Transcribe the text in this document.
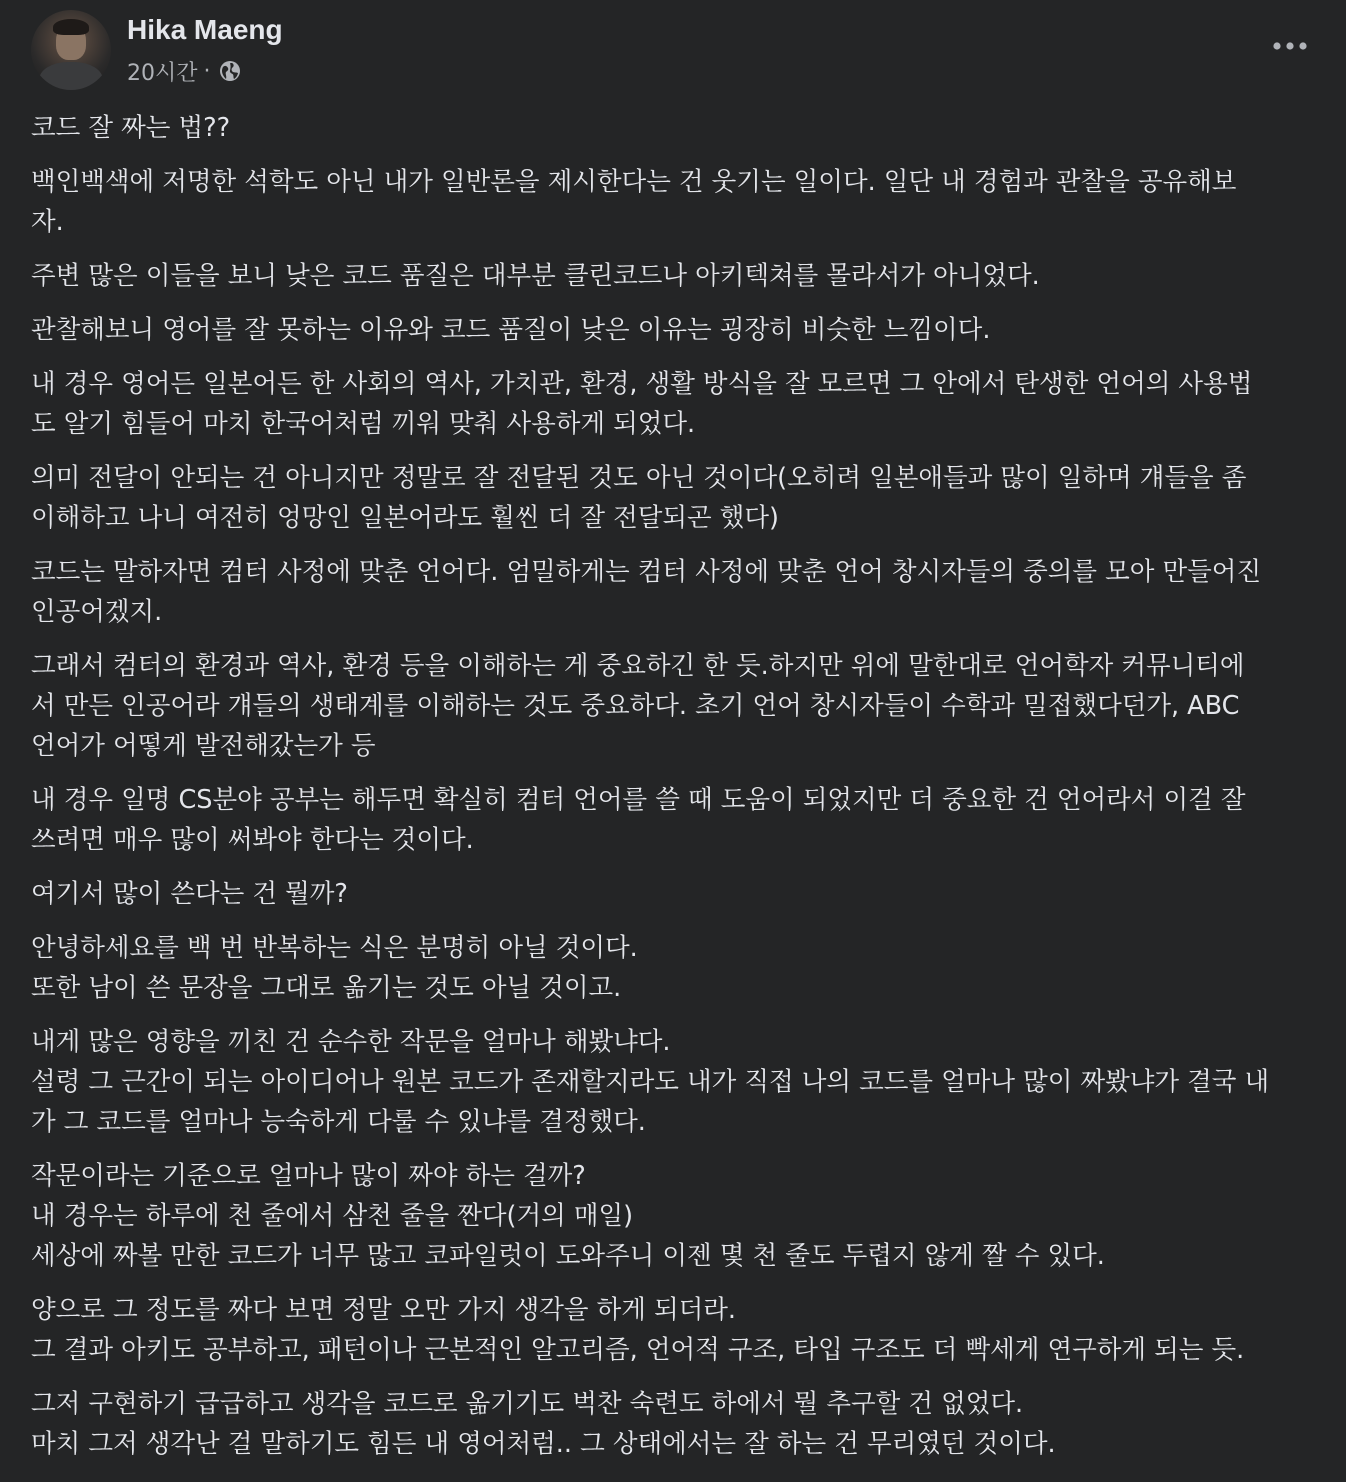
Hika Maeng
20시간 ·
코드 잘 짜는 법??
백인백색에 저명한 석학도 아닌 내가 일반론을 제시한다는 건 웃기는 일이다. 일단 내 경험과 관찰을 공유해보
자.
주변 많은 이들을 보니 낮은 코드 품질은 대부분 클린코드나 아키텍쳐를 몰라서가 아니었다.
관찰해보니 영어를 잘 못하는 이유와 코드 품질이 낮은 이유는 굉장히 비슷한 느낌이다.
내 경우 영어든 일본어든 한 사회의 역사, 가치관, 환경, 생활 방식을 잘 모르면 그 안에서 탄생한 언어의 사용법
도 알기 힘들어 마치 한국어처럼 끼워 맞춰 사용하게 되었다.
의미 전달이 안되는 건 아니지만 정말로 잘 전달된 것도 아닌 것이다(오히려 일본애들과 많이 일하며 걔들을 좀
이해하고 나니 여전히 엉망인 일본어라도 훨씬 더 잘 전달되곤 했다)
코드는 말하자면 컴터 사정에 맞춘 언어다. 엄밀하게는 컴터 사정에 맞춘 언어 창시자들의 중의를 모아 만들어진
인공어겠지.
그래서 컴터의 환경과 역사, 환경 등을 이해하는 게 중요하긴 한 듯.하지만 위에 말한대로 언어학자 커뮤니티에
서 만든 인공어라 걔들의 생태계를 이해하는 것도 중요하다. 초기 언어 창시자들이 수학과 밀접했다던가, ABC
언어가 어떻게 발전해갔는가 등
내 경우 일명 CS분야 공부는 해두면 확실히 컴터 언어를 쓸 때 도움이 되었지만 더 중요한 건 언어라서 이걸 잘
쓰려면 매우 많이 써봐야 한다는 것이다.
여기서 많이 쓴다는 건 뭘까?
안녕하세요를 백 번 반복하는 식은 분명히 아닐 것이다.
또한 남이 쓴 문장을 그대로 옮기는 것도 아닐 것이고.
내게 많은 영향을 끼친 건 순수한 작문을 얼마나 해봤냐다.
설령 그 근간이 되는 아이디어나 원본 코드가 존재할지라도 내가 직접 나의 코드를 얼마나 많이 짜봤냐가 결국 내
가 그 코드를 얼마나 능숙하게 다룰 수 있냐를 결정했다.
작문이라는 기준으로 얼마나 많이 짜야 하는 걸까?
내 경우는 하루에 천 줄에서 삼천 줄을 짠다(거의 매일)
세상에 짜볼 만한 코드가 너무 많고 코파일럿이 도와주니 이젠 몇 천 줄도 두렵지 않게 짤 수 있다.
양으로 그 정도를 짜다 보면 정말 오만 가지 생각을 하게 되더라.
그 결과 아키도 공부하고, 패턴이나 근본적인 알고리즘, 언어적 구조, 타입 구조도 더 빡세게 연구하게 되는 듯.
그저 구현하기 급급하고 생각을 코드로 옮기기도 벅찬 숙련도 하에서 뭘 추구할 건 없었다.
마치 그저 생각난 걸 말하기도 힘든 내 영어처럼.. 그 상태에서는 잘 하는 건 무리였던 것이다.
